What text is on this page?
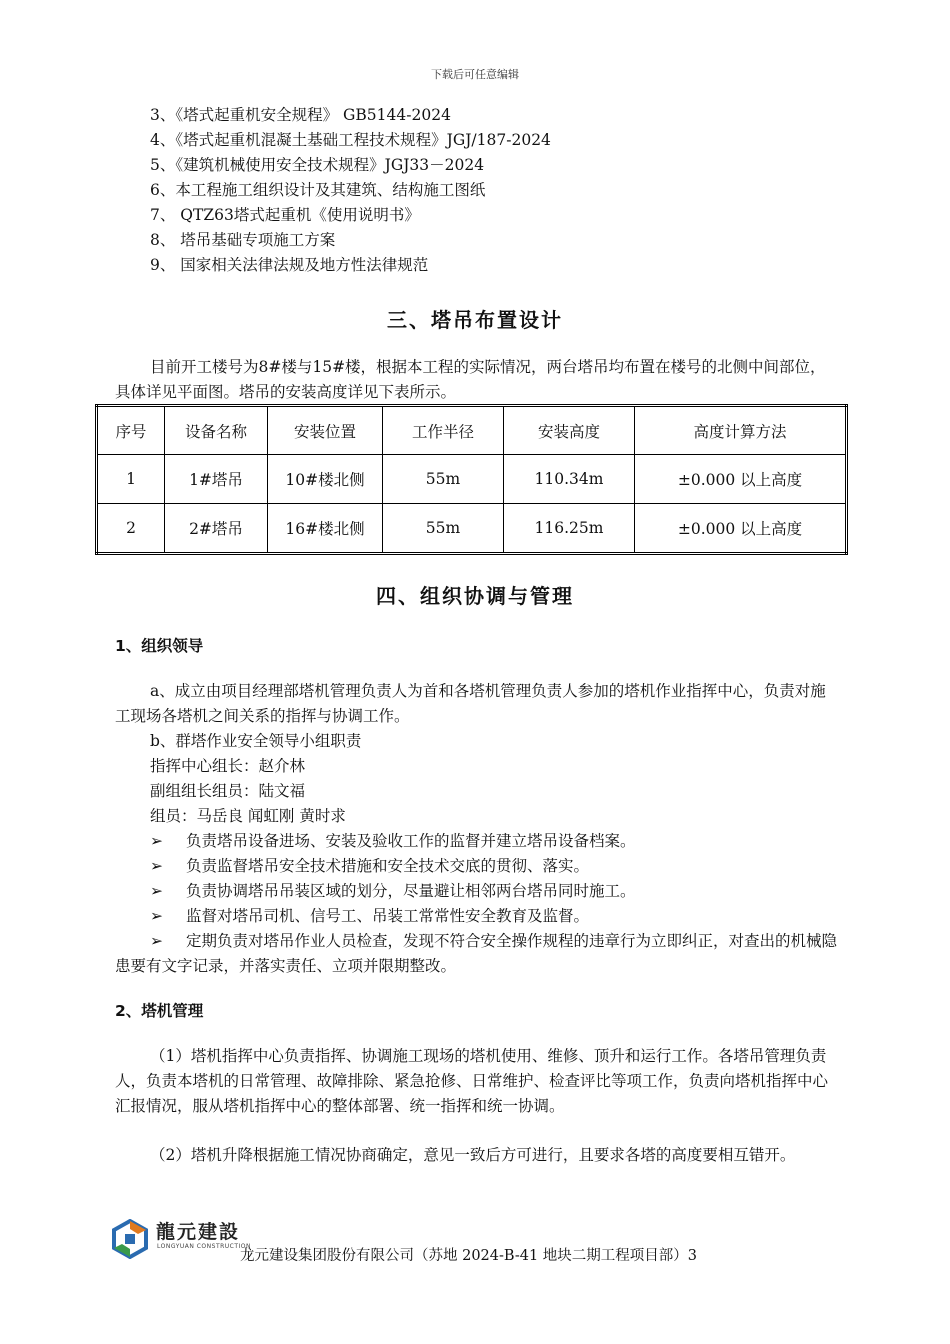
下载后可任意编辑
3、《塔式起重机安全规程》 GB5144-2024
4、《塔式起重机混凝土基础工程技术规程》JGJ/187-2024
5、《建筑机械使用安全技术规程》JGJ33－2024
6、本工程施工组织设计及其建筑、结构施工图纸
7、 QTZ63塔式起重机《使用说明书》
8、 塔吊基础专项施工方案
9、 国家相关法律法规及地方性法律规范
三、塔吊布置设计
目前开工楼号为8#楼与15#楼，根据本工程的实际情况，两台塔吊均布置在楼号的北侧中间部位，具体详见平面图。塔吊的安装高度详见下表所示。
序号	设备名称	安装位置	工作半径	安装高度	高度计算方法
1	1#塔吊	10#楼北侧	55m	110.34m	±0.000 以上高度
2	2#塔吊	16#楼北侧	55m	116.25m	±0.000 以上高度
四、组织协调与管理
1、组织领导
a、成立由项目经理部塔机管理负责人为首和各塔机管理负责人参加的塔机作业指挥中心，负责对施工现场各塔机之间关系的指挥与协调工作。
b、群塔作业安全领导小组职责
指挥中心组长：赵介林
副组组长组员：陆文福
组员：马岳良 闻虹刚 黄时求
➢ 负责塔吊设备进场、安装及验收工作的监督并建立塔吊设备档案。
➢ 负责监督塔吊安全技术措施和安全技术交底的贯彻、落实。
➢ 负责协调塔吊吊装区域的划分，尽量避让相邻两台塔吊同时施工。
➢ 监督对塔吊司机、信号工、吊装工常常性安全教育及监督。
➢ 定期负责对塔吊作业人员检查，发现不符合安全操作规程的违章行为立即纠正，对查出的机械隐患要有文字记录，并落实责任、立项并限期整改。
2、塔机管理
（1）塔机指挥中心负责指挥、协调施工现场的塔机使用、维修、顶升和运行工作。各塔吊管理负责人，负责本塔机的日常管理、故障排除、紧急抢修、日常维护、检查评比等项工作，负责向塔机指挥中心汇报情况，服从塔机指挥中心的整体部署、统一指挥和统一协调。
（2）塔机升降根据施工情况协商确定，意见一致后方可进行，且要求各塔的高度要相互错开。
龍元建設
LONGYUAN CONSTRUCTION
龙元建设集团股份有限公司（苏地 2024-B-41 地块二期工程项目部）3
